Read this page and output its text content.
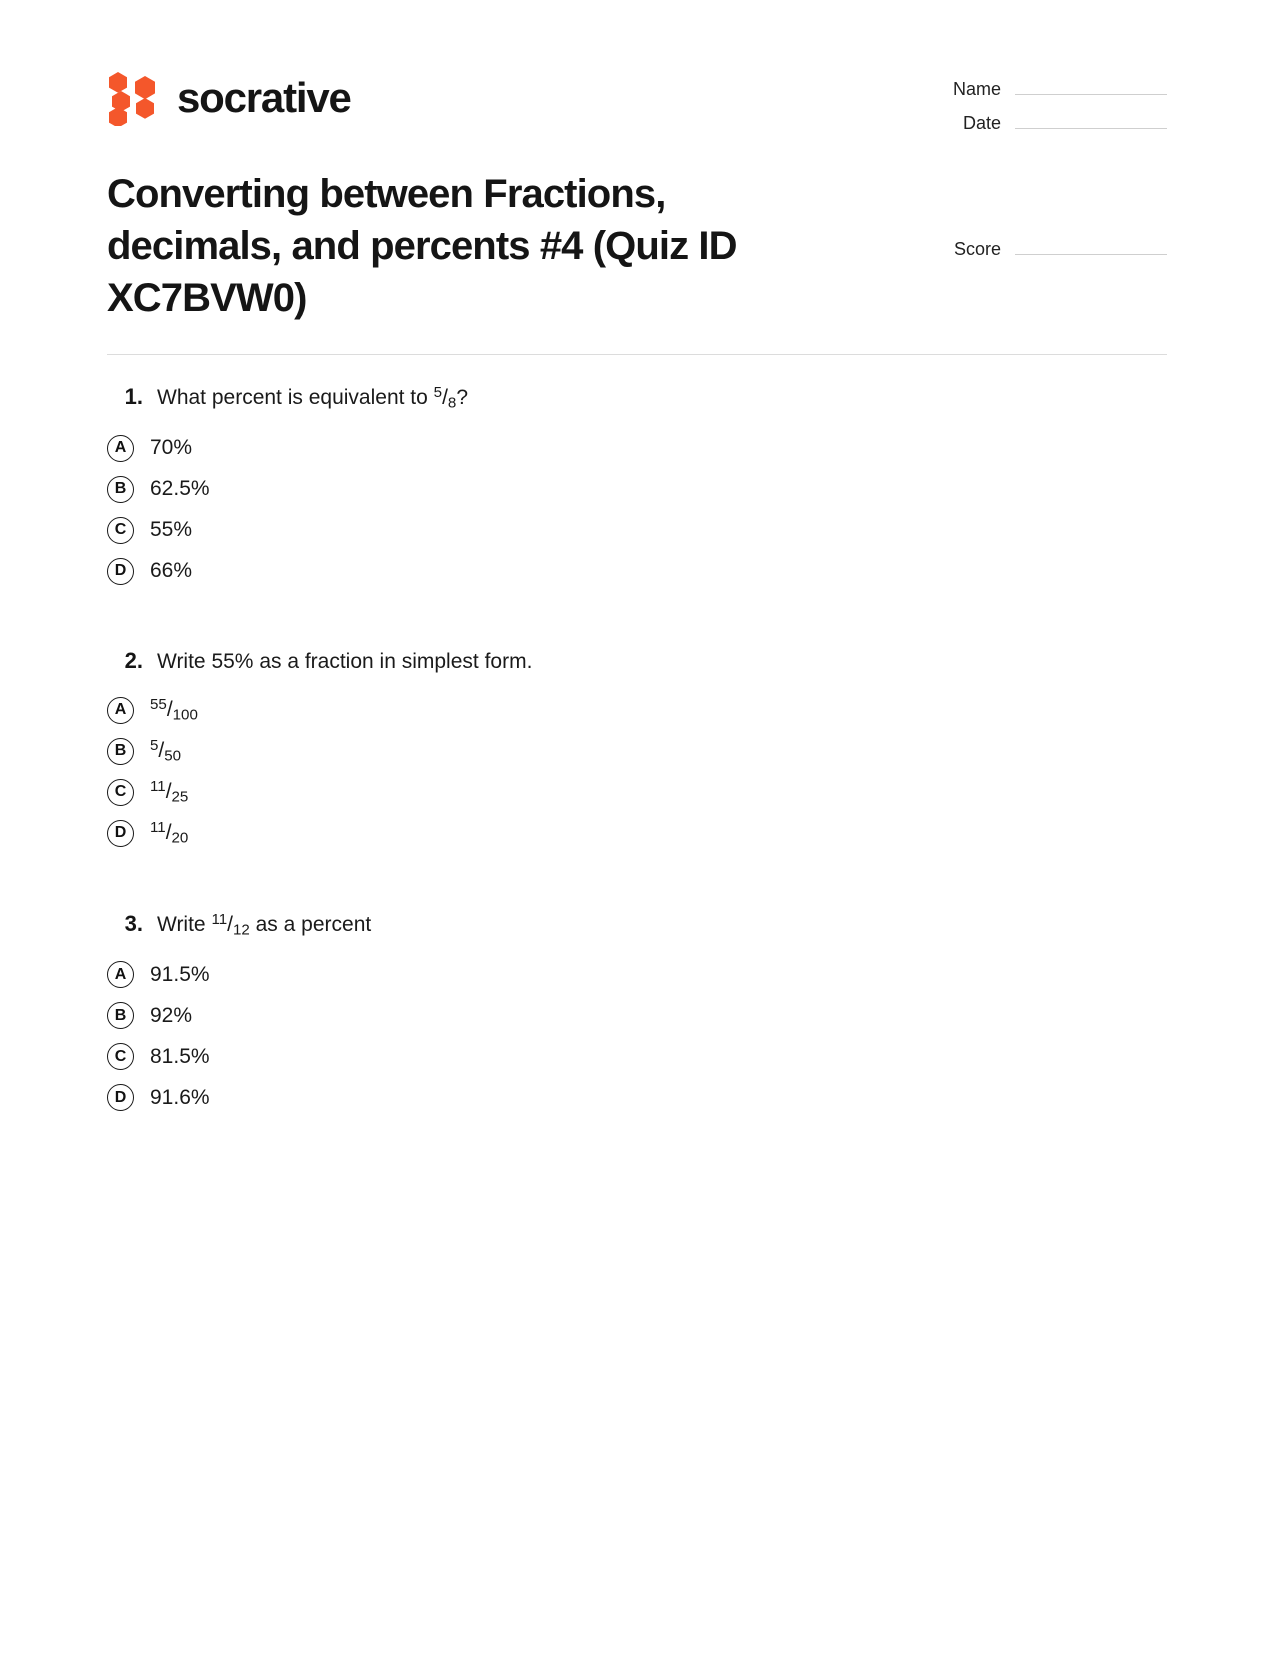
socrative	Name
Date
Converting between Fractions, decimals, and percents #4 (Quiz ID XC7BVW0)
Score
1. What percent is equivalent to $^5$/8?
A	70%
B	62.5%
C	55%
D	66%
2. Write 55% as a fraction in simplest form.
A	$^{55}$/100
B	$^5$/50
C	$^{11}$/25
D	$^{11}$/20
3. Write $^{11}$/12 as a percent
A	91.5%
B	92%
C	81.5%
D	91.6%
